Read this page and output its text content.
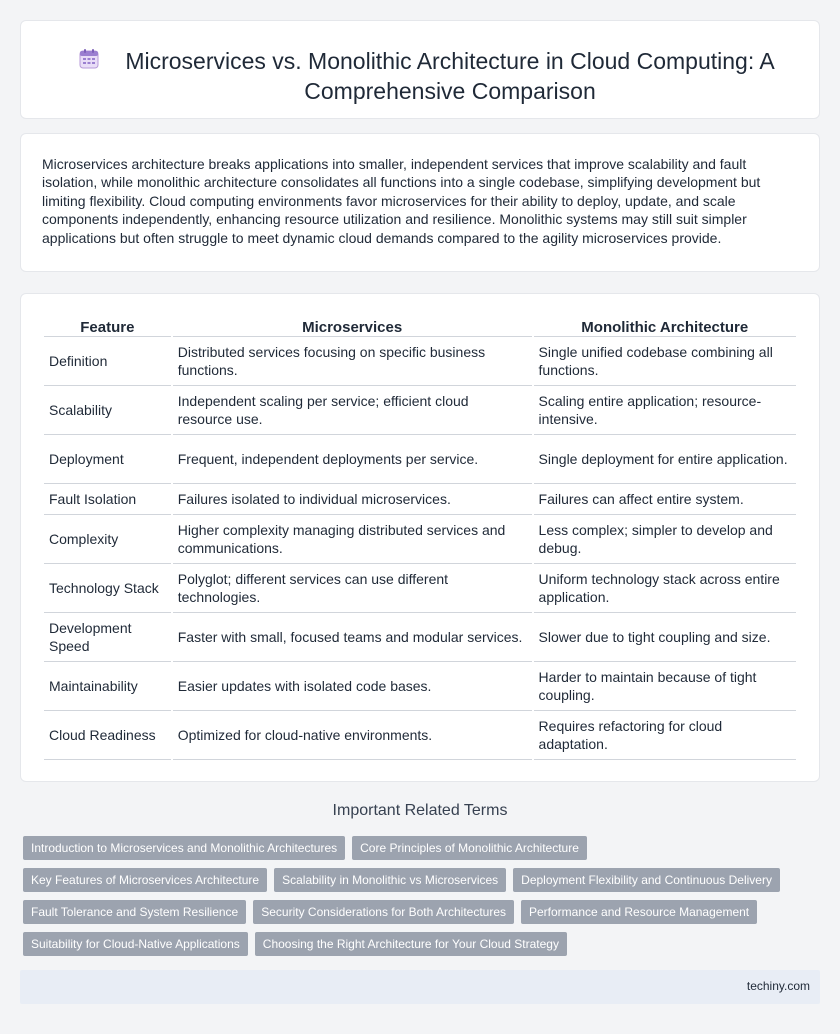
Microservices vs. Monolithic Architecture in Cloud Computing: A Comprehensive Comparison

Microservices architecture breaks applications into smaller, independent services that improve scalability and fault isolation, while monolithic architecture consolidates all functions into a single codebase, simplifying development but limiting flexibility. Cloud computing environments favor microservices for their ability to deploy, update, and scale components independently, enhancing resource utilization and resilience. Monolithic systems may still suit simpler applications but often struggle to meet dynamic cloud demands compared to the agility microservices provide.

Feature	Microservices	Monolithic Architecture
Definition	Distributed services focusing on specific business functions.	Single unified codebase combining all functions.
Scalability	Independent scaling per service; efficient cloud resource use.	Scaling entire application; resource-intensive.
Deployment	Frequent, independent deployments per service.	Single deployment for entire application.
Fault Isolation	Failures isolated to individual microservices.	Failures can affect entire system.
Complexity	Higher complexity managing distributed services and communications.	Less complex; simpler to develop and debug.
Technology Stack	Polyglot; different services can use different technologies.	Uniform technology stack across entire application.
Development Speed	Faster with small, focused teams and modular services.	Slower due to tight coupling and size.
Maintainability	Easier updates with isolated code bases.	Harder to maintain because of tight coupling.
Cloud Readiness	Optimized for cloud-native environments.	Requires refactoring for cloud adaptation.
Important Related Terms
Introduction to Microservices and Monolithic Architectures	Core Principles of Monolithic Architecture
Key Features of Microservices Architecture	Scalability in Monolithic vs Microservices	Deployment Flexibility and Continuous Delivery
Fault Tolerance and System Resilience	Security Considerations for Both Architectures	Performance and Resource Management
Suitability for Cloud-Native Applications	Choosing the Right Architecture for Your Cloud Strategy
techiny.com
